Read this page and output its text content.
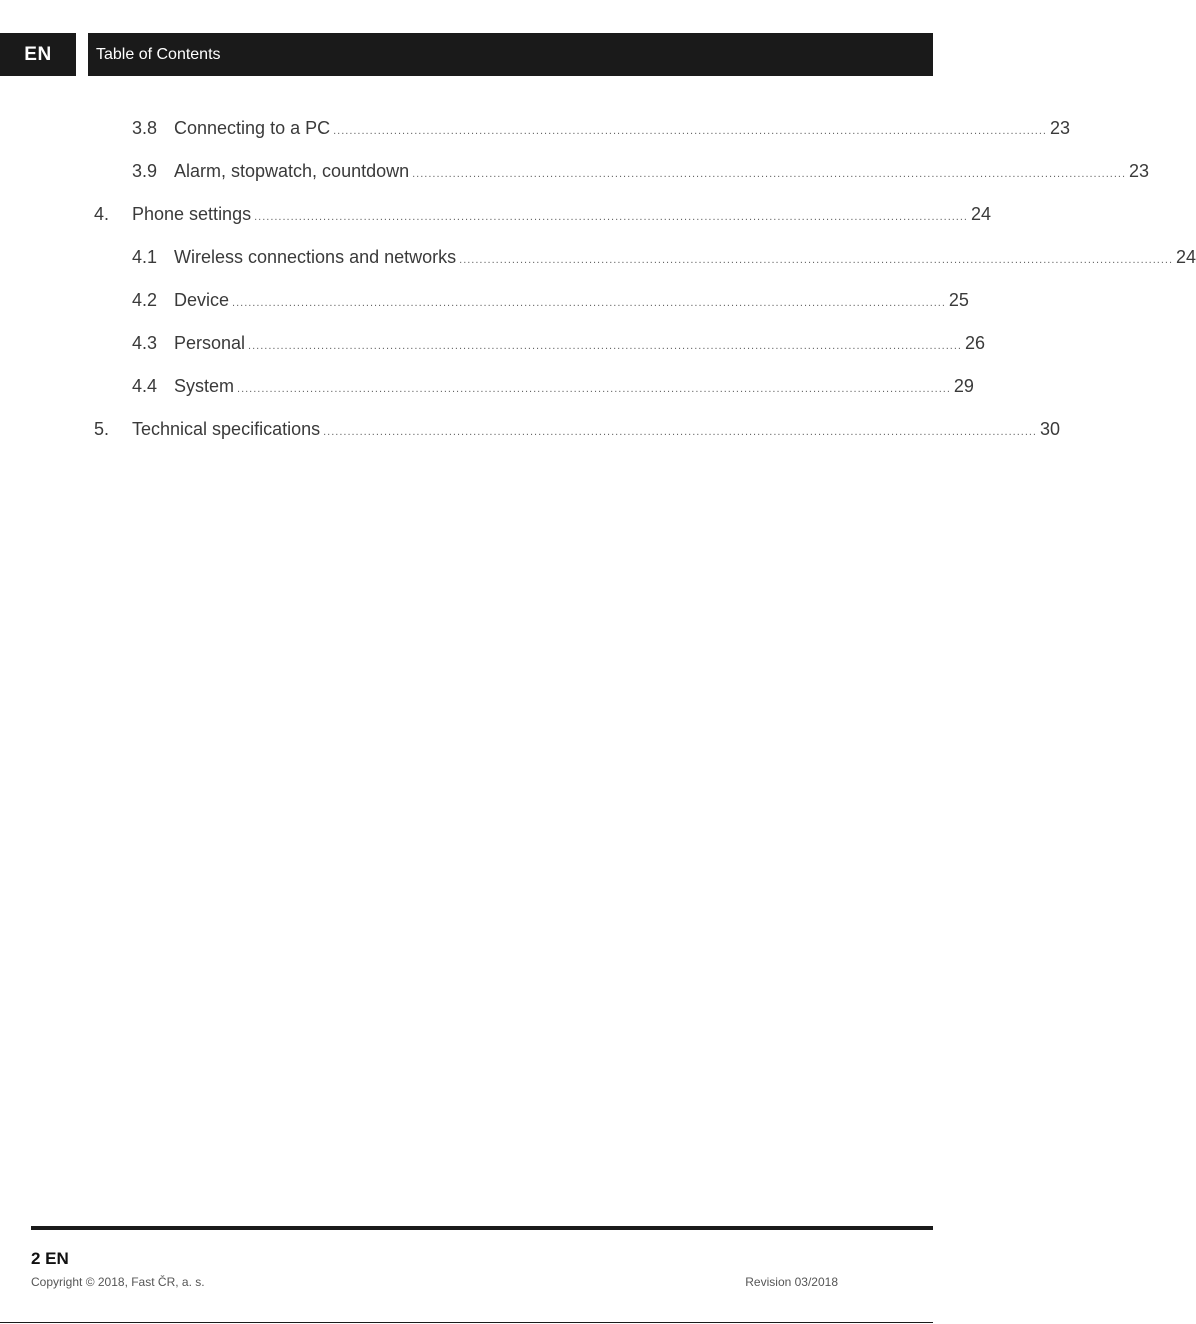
EN	Table of Contents
3.8 Connecting to a PC ................................................................................................................................................................................ 23
3.9 Alarm, stopwatch, countdown ................................................................................................................................................................................ 23
4.	Phone settings ................................................................................................................................................................................ 24
4.1 Wireless connections and networks ................................................................................................................................................................................ 24
4.2 Device ................................................................................................................................................................................ 25
4.3 Personal ................................................................................................................................................................................ 26
4.4 System ................................................................................................................................................................................ 29
5.	Technical specifications ................................................................................................................................................................................ 30
2 EN
Copyright © 2018, Fast ČR, a. s.	Revision 03/2018
